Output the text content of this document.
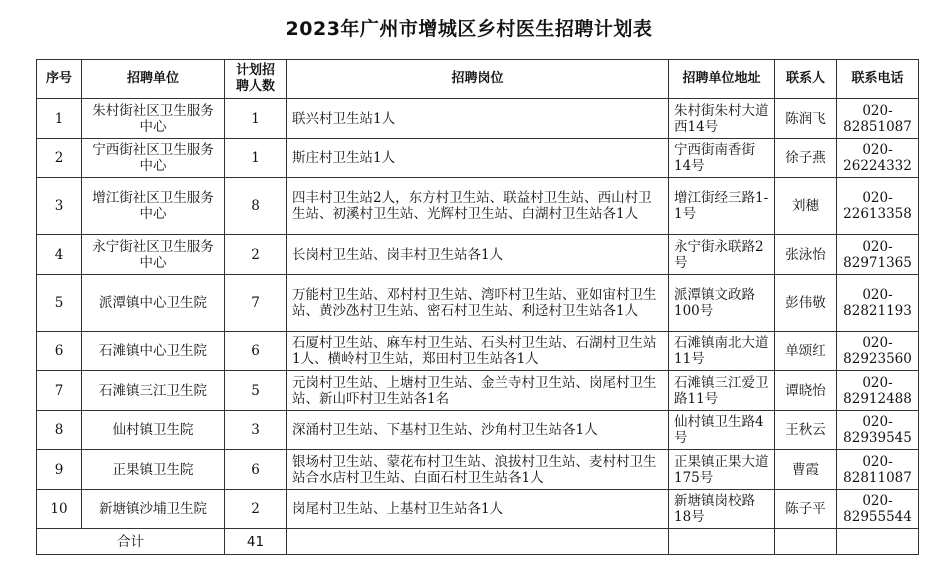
2023年广州市增城区乡村医生招聘计划表
序号	招聘单位	计划招聘人数	招聘岗位	招聘单位地址	联系人	联系电话
1	朱村街社区卫生服务中心	1	联兴村卫生站1人	朱村街朱村大道西14号	陈润飞	020-82851087
2	宁西街社区卫生服务中心	1	斯庄村卫生站1人	宁西街南香街14号	徐子燕	020-26224332
3	增江街社区卫生服务中心	8	四丰村卫生站2人，东方村卫生站、联益村卫生站、西山村卫生站、初溪村卫生站、光辉村卫生站、白湖村卫生站各1人	增江街经三路1-1号	刘穗	020-22613358
4	永宁街社区卫生服务中心	2	长岗村卫生站、岗丰村卫生站各1人	永宁街永联路2号	张泳怡	020-82971365
5	派潭镇中心卫生院	7	万能村卫生站、邓村村卫生站、湾吓村卫生站、亚如宙村卫生站、黄沙氹村卫生站、密石村卫生站、利迳村卫生站各1人	派潭镇文政路100号	彭伟敬	020-82821193
6	石滩镇中心卫生院	6	石厦村卫生站、麻车村卫生站、石头村卫生站、石湖村卫生站1人、横岭村卫生站，郑田村卫生站各1人	石滩镇南北大道11号	单颂红	020-82923560
7	石滩镇三江卫生院	5	元岗村卫生站、上塘村卫生站、金兰寺村卫生站、岗尾村卫生站、新山吓村卫生站各1名	石滩镇三江爱卫路11号	谭晓怡	020-82912488
8	仙村镇卫生院	3	深涌村卫生站、下基村卫生站、沙角村卫生站各1人	仙村镇卫生路4号	王秋云	020-82939545
9	正果镇卫生院	6	银场村卫生站、蒙花布村卫生站、浪拔村卫生站、麦村村卫生站合水店村卫生站、白面石村卫生站各1人	正果镇正果大道175号	曹霞	020-82811087
10	新塘镇沙埔卫生院	2	岗尾村卫生站、上基村卫生站各1人	新塘镇岗校路18号	陈子平	020-82955544
合计		41				
